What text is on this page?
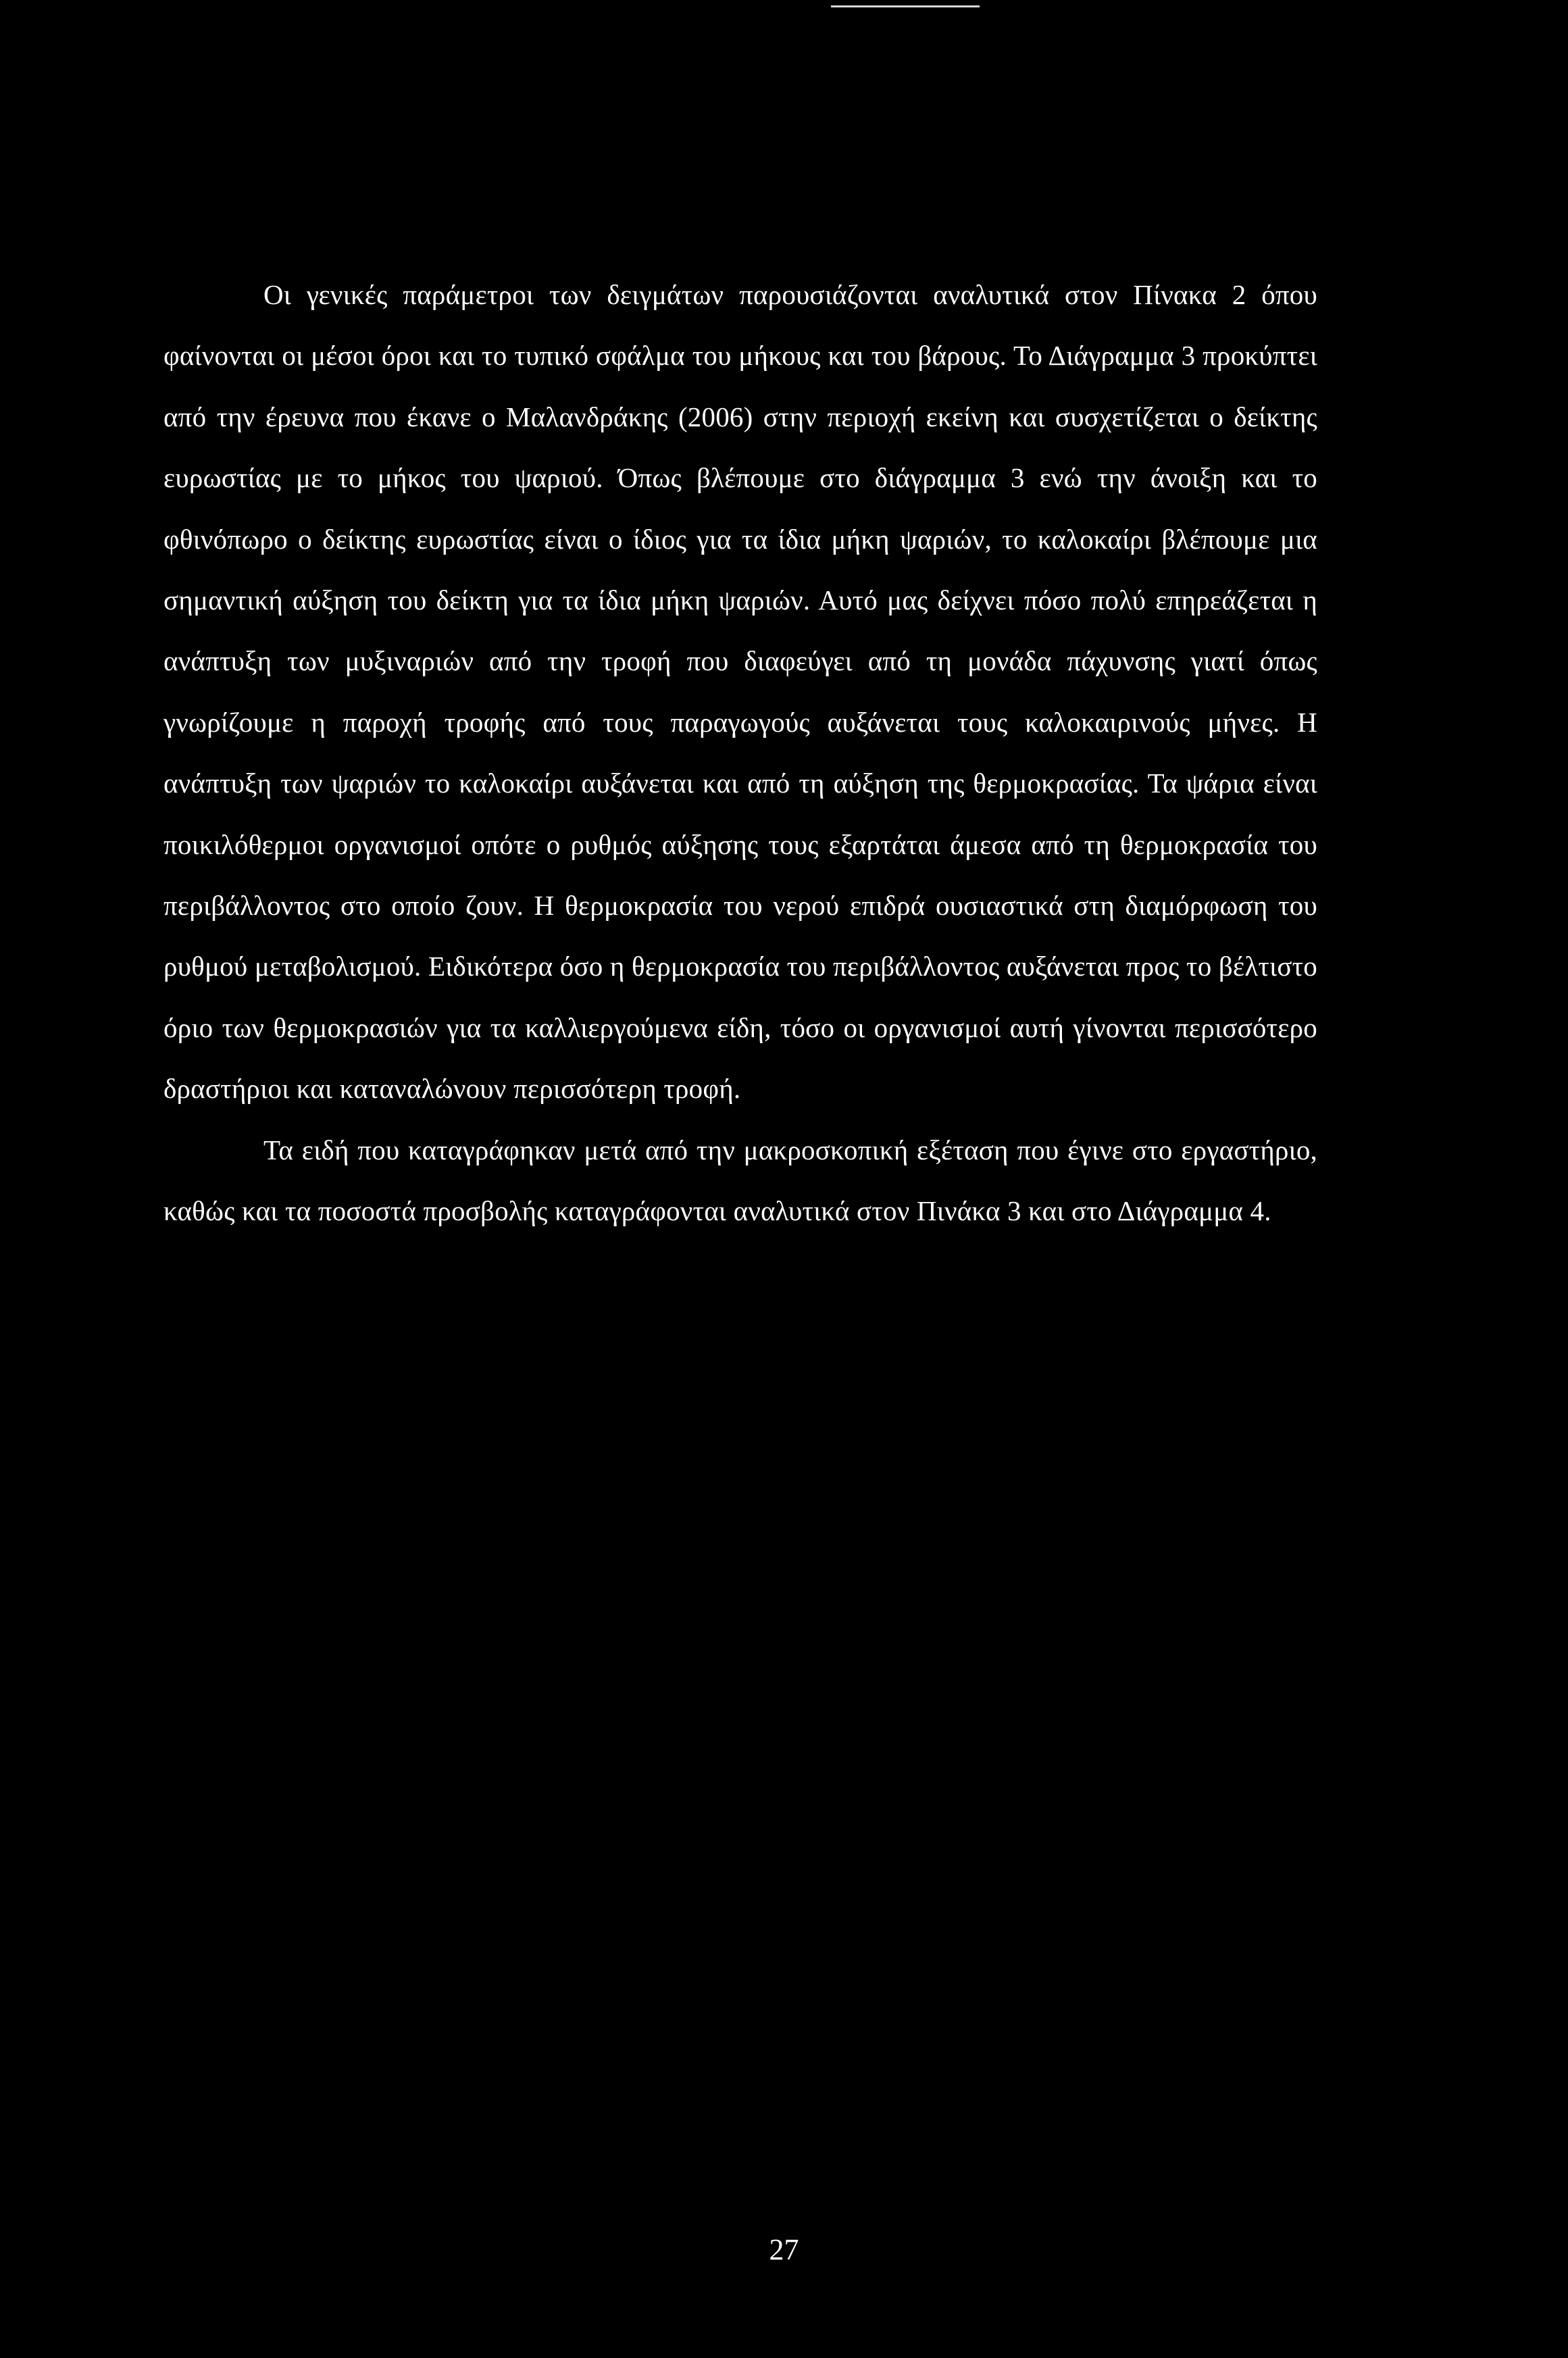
Οι γενικές παράμετροι των δειγμάτων παρουσιάζονται αναλυτικά στον Πίνακα 2 όπου φαίνονται οι μέσοι όροι και το τυπικό σφάλμα του μήκους και του βάρους. Το Διάγραμμα 3 προκύπτει από την έρευνα που έκανε ο Μαλανδράκης (2006) στην περιοχή εκείνη και συσχετίζεται ο δείκτης ευρωστίας με το μήκος του ψαριού. Όπως βλέπουμε στο διάγραμμα 3 ενώ την άνοιξη και το φθινόπωρο ο δείκτης ευρωστίας είναι ο ίδιος για τα ίδια μήκη ψαριών, το καλοκαίρι βλέπουμε μια σημαντική αύξηση του δείκτη για τα ίδια μήκη ψαριών. Αυτό μας δείχνει πόσο πολύ επηρεάζεται η ανάπτυξη των μυξιναριών από την τροφή που διαφεύγει από τη μονάδα πάχυνσης γιατί όπως γνωρίζουμε η παροχή τροφής από τους παραγωγούς αυξάνεται τους καλοκαιρινούς μήνες. Η ανάπτυξη των ψαριών το καλοκαίρι αυξάνεται και από τη αύξηση της θερμοκρασίας. Τα ψάρια είναι ποικιλόθερμοι οργανισμοί οπότε ο ρυθμός αύξησης τους εξαρτάται άμεσα από τη θερμοκρασία του περιβάλλοντος στο οποίο ζουν. Η θερμοκρασία του νερού επιδρά ουσιαστικά στη διαμόρφωση του ρυθμού μεταβολισμού. Ειδικότερα όσο η θερμοκρασία του περιβάλλοντος αυξάνεται προς το βέλτιστο όριο των θερμοκρασιών για τα καλλιεργούμενα είδη, τόσο οι οργανισμοί αυτή γίνονται περισσότερο δραστήριοι και καταναλώνουν περισσότερη τροφή.

Τα ειδή που καταγράφηκαν μετά από την μακροσκοπική εξέταση που έγινε στο εργαστήριο, καθώς και τα ποσοστά προσβολής καταγράφονται αναλυτικά στον Πινάκα 3 και στο Διάγραμμα 4.

27
